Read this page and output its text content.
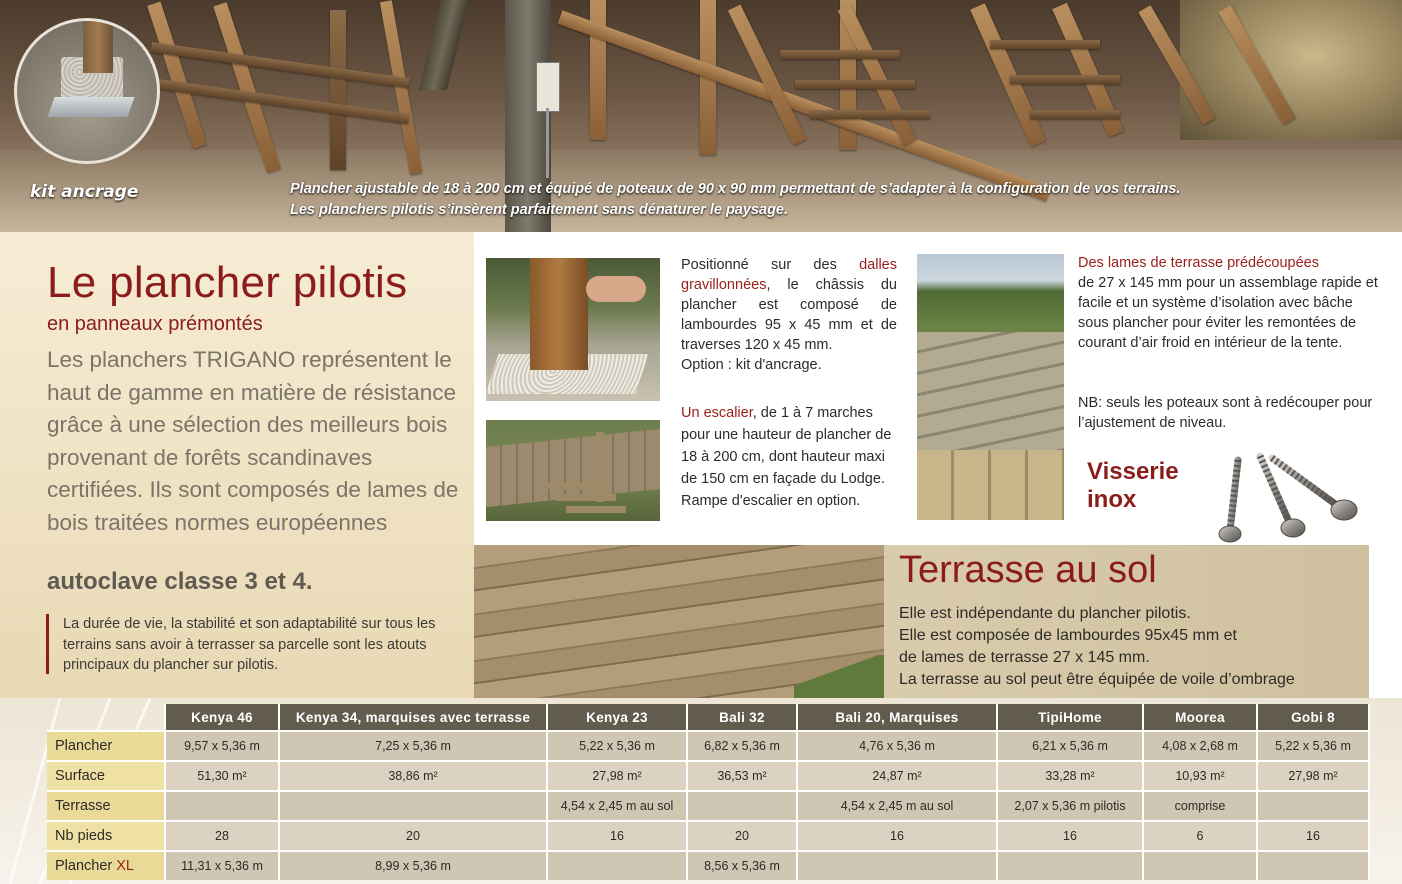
kit ancrage	Plancher ajustable de 18 à 200 cm et équipé de poteaux de 90 x 90 mm permettant de s’adapter à la configuration de vos terrains.
Les planchers pilotis s’insèrent parfaitement sans dénaturer le paysage.
Le plancher pilotis
en panneaux prémontés
Les planchers TRIGANO représentent le haut de gamme en matière de résistance grâce à une sélection des meilleurs bois provenant de forêts scandinaves certifiées. Ils sont composés de lames de bois traitées normes européennes
autoclave classe 3 et 4.
La durée de vie, la stabilité et son adaptabilité sur tous les terrains sans avoir à terrasser sa parcelle sont les atouts principaux du plancher sur pilotis.
Positionné sur des dalles gravillonnées, le châssis du plancher est composé de lambourdes 95 x 45 mm et de traverses 120 x 45 mm.
Option : kit d'ancrage.
Un escalier, de 1 à 7 marches pour une hauteur de plancher de 18 à 200 cm, dont hauteur maxi de 150 cm en façade du Lodge.
Rampe d'escalier en option.
Des lames de terrasse prédécoupées
de 27 x 145 mm pour un assemblage rapide et facile et un système d’isolation avec bâche sous plancher pour éviter les remontées de courant d’air froid en intérieur de la tente.
NB: seuls les poteaux sont à redécouper pour l’ajustement de niveau.
Visserie
inox
Terrasse au sol
Elle est indépendante du plancher pilotis.
Elle est composée de lambourdes 95x45 mm et
de lames de terrasse 27 x 145 mm.
La terrasse au sol peut être équipée de voile d’ombrage
	Kenya 46	Kenya 34, marquises avec terrasse	Kenya 23	Bali 32	Bali 20, Marquises	TipiHome	Moorea	Gobi 8
Plancher	9,57 x 5,36 m	7,25 x 5,36 m	5,22 x 5,36 m	6,82 x 5,36 m	4,76 x 5,36 m	6,21 x 5,36 m	4,08 x 2,68 m	5,22 x 5,36 m
Surface	51,30 m²	38,86 m²	27,98 m²	36,53 m²	24,87 m²	33,28 m²	10,93 m²	27,98 m²
Terrasse			4,54 x 2,45 m au sol		4,54 x 2,45 m au sol	2,07 x 5,36 m pilotis	comprise	
Nb pieds	28	20	16	20	16	16	6	16
Plancher XL	11,31 x 5,36 m	8,99 x 5,36 m		8,56 x 5,36 m				
